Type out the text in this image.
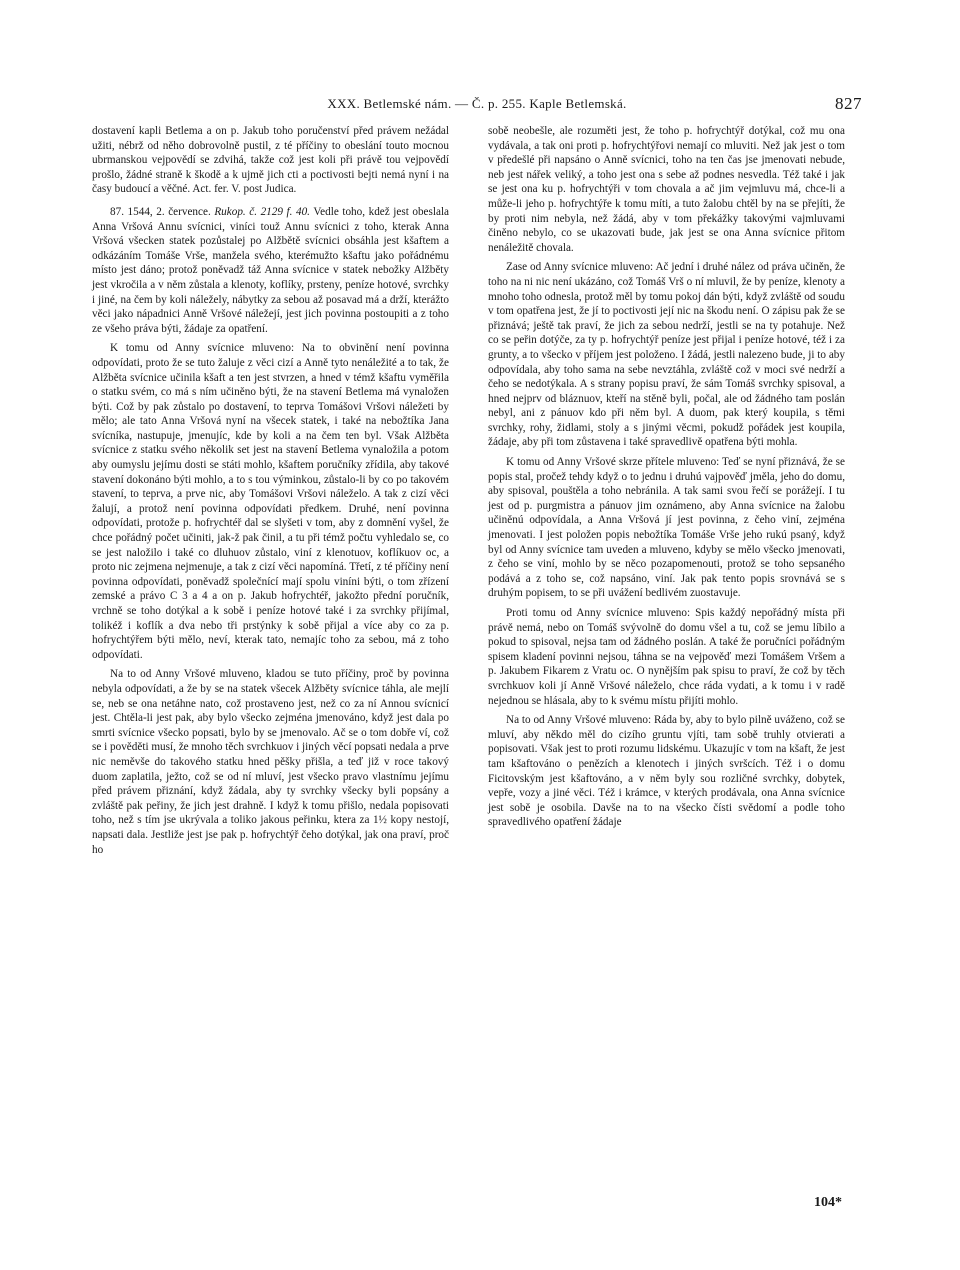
XXX. Betlemské nám. — Č. p. 255. Kaple Betlemská.	827

dostavení kapli Betlema a on p. Jakub toho poručenství před právem nežádal užiti, nébrž od něho dobrovolně pustil, z té příčiny to obeslání touto mocnou ubrmanskou vejpovědí se zdvihá, takže což jest koli při právě tou vejpovědí prošlo, žádné straně k škodě a k ujmě jich cti a poctivosti bejti nemá nyní i na časy budoucí a věčné. Act. fer. V. post Judica.

87. 1544, 2. července. Rukop. č. 2129 f. 40. Vedle toho, kdež jest obeslala Anna Vršová Annu svícnici, viníci touž Annu svícnici z toho, kterak Anna Vršová všecken statek pozůstalej po Alžbětě svícnici obsáhla jest kšaftem a odkázáním Tomáše Vrše, manžela svého, kterémužto kšaftu jako pořádnému místo jest dáno; protož poněvadž táž Anna svícnice v statek nebožky Alžběty jest vkročila a v něm zůstala a klenoty, koflíky, prsteny, peníze hotové, svrchky i jiné, na čem by koli náležely, nábytky za sebou až posavad má a drží, kterážto věci jako nápadnici Anně Vršové náležejí, jest jich povinna postoupiti a z toho ze všeho práva býti, žádaje za opatření.

K tomu od Anny svícnice mluveno: Na to obvinění není povinna odpovídati, proto že se tuto žaluje z věci cizí a Anně tyto nenáležité a to tak, že Alžběta svícnice učinila kšaft a ten jest stvrzen, a hned v témž kšaftu vyměřila o statku svém, co má s ním učiněno býti, že na stavení Betlema má vynaložen býti. Což by pak zůstalo po dostavení, to teprva Tomášovi Vršovi náležeti by mělo; ale tato Anna Vršová nyní na všecek statek, i také na nebožtíka Jana svícníka, nastupuje, jmenujíc, kde by koli a na čem ten byl. Však Alžběta svícnice z statku svého několik set jest na stavení Betlema vynaložila a potom aby oumyslu jejímu dosti se státi mohlo, kšaftem poručníky zřídila, aby takové stavení dokonáno býti mohlo, a to s tou výminkou, zůstalo-li by co po takovém stavení, to teprva, a prve nic, aby Tomášovi Vršovi náleželo. A tak z cizí věci žalují, a protož není povinna odpovídati předkem. Druhé, není povinna odpovídati, protože p. hofrychtéř dal se slyšeti v tom, aby z domnění vyšel, že chce pořádný počet učiniti, jak-ž pak činil, a tu při témž počtu vyhledalo se, co se jest naložilo i také co dluhuov zůstalo, viní z klenotuov, koflíkuov oc, a proto nic zejmena nejmenuje, a tak z cizí věci napomíná. Třetí, z té příčiny není povinna odpovídati, poněvadž společnící mají spolu viníni býti, o tom zřízení zemské a právo C 3 a 4 a on p. Jakub hofrychtéř, jakožto přední poručník, vrchně se toho dotýkal a k sobě i peníze hotové také i za svrchky přijímal, tolikéž i koflík a dva nebo tři prstýnky k sobě přijal a více aby co za p. hofrychtýřem býti mělo, neví, kterak tato, nemajíc toho za sebou, má z toho odpovídati.

Na to od Anny Vršové mluveno, kladou se tuto příčiny, proč by povinna nebyla odpovídati, a že by se na statek všecek Alžběty svícnice táhla, ale mejlí se, neb se ona netáhne nato, což prostaveno jest, než co za ní Annou svícnicí jest. Chtěla-li jest pak, aby bylo všecko zejména jmenováno, když jest dala po smrti svícnice všecko popsati, bylo by se jmenovalo. Ač se o tom dobře ví, což se i pověděti musí, že mnoho těch svrchkuov i jiných věcí popsati nedala a prve nic neměvše do takového statku hned pěšky přišla, a teď již v roce takový duom zaplatila, ježto, což se od ní mluví, jest všecko pravo vlastnímu jejímu před právem přiznání, když žádala, aby ty svrchky všecky byli popsány a zvláště pak peřiny, že jich jest drahně. I když k tomu přišlo, nedala popisovati toho, než s tím jse ukrývala a toliko jakous peřinku, ktera za 1½ kopy nestojí, napsati dala. Jestliže jest jse pak p. hofrychtýř čeho dotýkal, jak ona praví, proč ho

sobě neobešle, ale rozuměti jest, že toho p. hofrychtýř dotýkal, což mu ona vydávala, a tak oni proti p. hofrychtýřovi nemají co mluviti. Než jak jest o tom v předešlé při napsáno o Anně svícnici, toho na ten čas jse jmenovati nebude, neb jest nářek veliký, a toho jest ona s sebe až podnes nesvedla. Též také i jak se jest ona ku p. hofrychtýři v tom chovala a ač jim vejmluvu má, chce-li a může-li jeho p. hofrychtýře k tomu míti, a tuto žalobu chtěl by na se přejíti, že by proti nim nebyla, než žádá, aby v tom překážky takovými vajmluvami činěno nebylo, co se ukazovati bude, jak jest se ona Anna svícnice přitom nenáležitě chovala.

Zase od Anny svícnice mluveno: Ač jední i druhé nález od práva učiněn, že toho na ni nic není ukázáno, což Tomáš Vrš o ní mluvil, že by peníze, klenoty a mnoho toho odnesla, protož měl by tomu pokoj dán býti, když zvláště od soudu v tom opatřena jest, že jí to poctivosti její nic na škodu není. O zápisu pak že se přiznává; ještě tak praví, že jich za sebou nedrží, jestli se na ty potahuje. Než co se peřin dotýče, za ty p. hofrychtýř peníze jest přijal i peníze hotové, též i za grunty, a to všecko v příjem jest položeno. I žádá, jestli nalezeno bude, ji to aby odpovídala, aby toho sama na sebe nevztáhla, zvláště což v moci své nedrží a čeho se nedotýkala. A s strany popisu praví, že sám Tomáš svrchky spisoval, a hned nejprv od bláznuov, kteří na stěně byli, počal, ale od žádného tam poslán nebyl, ani z pánuov kdo při něm byl. A duom, pak který koupila, s těmi svrchky, rohy, židlami, stoly a s jinými věcmi, pokudž pořádek jest koupila, žádaje, aby při tom zůstavena i také spravedlivě opatřena býti mohla.

K tomu od Anny Vršové skrze přítele mluveno: Teď se nyní přiznává, že se popis stal, pročež tehdy když o to jednu i druhú vajpověď jměla, jeho do domu, aby spisoval, pouštěla a toho nebránila. A tak sami svou řečí se porážejí. I tu jest od p. purgmistra a pánuov jim oznámeno, aby Anna svícnice na žalobu učiněnú odpovídala, a Anna Vršová jí jest povinna, z čeho viní, zejména jmenovati. I jest položen popis nebožtíka Tomáše Vrše jeho rukú psaný, když byl od Anny svícnice tam uveden a mluveno, kdyby se mělo všecko jmenovati, z čeho se viní, mohlo by se něco pozapomenouti, protož se toho sepsaného podává a z toho se, což napsáno, viní. Jak pak tento popis srovnává se s druhým popisem, to se při uvážení bedlivém zuostavuje.

Proti tomu od Anny svícnice mluveno: Spis každý nepořádný místa při právě nemá, nebo on Tomáš svývolně do domu všel a tu, což se jemu líbilo a pokud to spisoval, nejsa tam od žádného poslán. A také že poručníci pořádným spisem kladení povinni nejsou, táhna se na vejpověď mezi Tomášem Vršem a p. Jakubem Fikarem z Vratu oc. O nynějším pak spisu to praví, že což by těch svrchkuov koli jí Anně Vršové náleželo, chce ráda vydati, a k tomu i v radě nejednou se hlásala, aby to k svému místu přijíti mohlo.

Na to od Anny Vršové mluveno: Ráda by, aby to bylo pilně uváženo, což se mluví, aby někdo měl do cizího gruntu vjíti, tam sobě truhly otvierati a popisovati. Však jest to proti rozumu lidskému. Ukazujíc v tom na kšaft, že jest tam kšaftováno o penězích a klenotech i jiných svršcích. Též i o domu Ficitovským jest kšaftováno, a v něm byly sou rozličné svrchky, dobytek, vepře, vozy a jiné věci. Též i krámce, v kterých prodávala, ona Anna svícnice jest sobě je osobila. Davše na to na všecko čísti svědomí a podle toho spravedlivého opatření žádaje

104*
